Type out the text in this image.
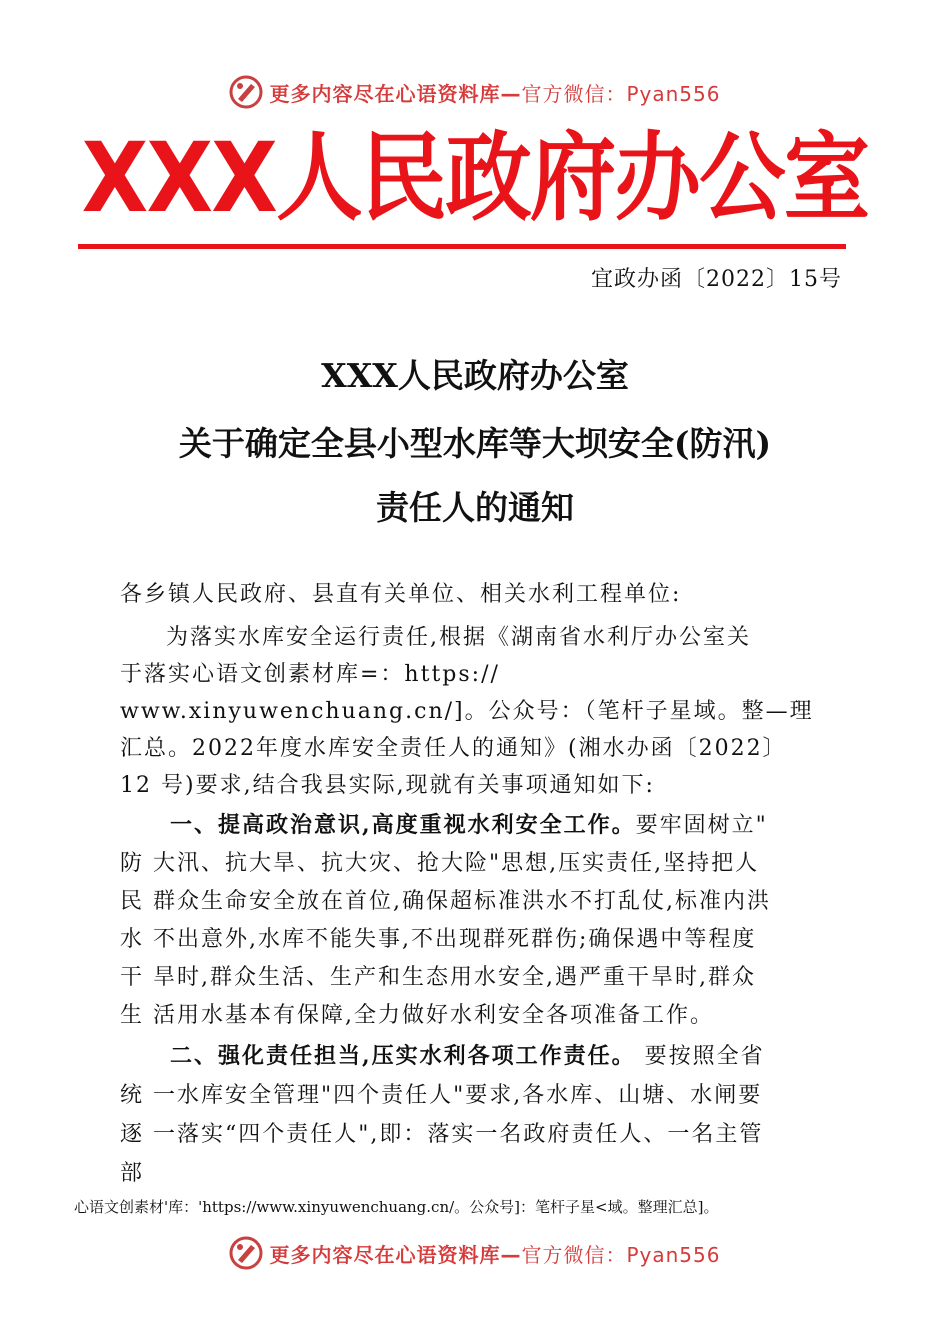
更多内容尽在心语资料库— 官方微信：Pyan556
XXX人民政府办公室
宜政办函〔2022〕15号
XXX人民政府办公室
关于确定全县小型水库等大坝安全(防汛)
责任人的通知
各乡镇人民政府、县直有关单位、相关水利工程单位:
为落实水库安全运行责任,根据《湖南省水利厅办公室关
于落实心语文创素材库=：https://
www.xinyuwenchuang.cn/]。公众号：（笔杆子星域。整—理
汇总。2022年度水库安全责任人的通知》(湘水办函〔2022〕
12 号)要求,结合我县实际,现就有关事项通知如下:
一、提高政治意识,高度重视水利安全工作。要牢固树立"
防 大汛、抗大旱、抗大灾、抢大险"思想,压实责任,坚持把人
民 群众生命安全放在首位,确保超标准洪水不打乱仗,标准内洪
水 不出意外,水库不能失事,不出现群死群伤;确保遇中等程度
干 旱时,群众生活、生产和生态用水安全,遇严重干旱时,群众
生 活用水基本有保障,全力做好水利安全各项准备工作。
二、强化责任担当,压实水利各项工作责任。 要按照全省
统 一水库安全管理"四个责任人"要求,各水库、山塘、水闸要
逐 一落实“四个责任人",即：落实一名政府责任人、一名主管
部
心语文创素材'库：'https://www.xinyuwenchuang.cn/。公众号]：笔杆子星<域。整理汇总]。
更多内容尽在心语资料库— 官方微信：Pyan556
